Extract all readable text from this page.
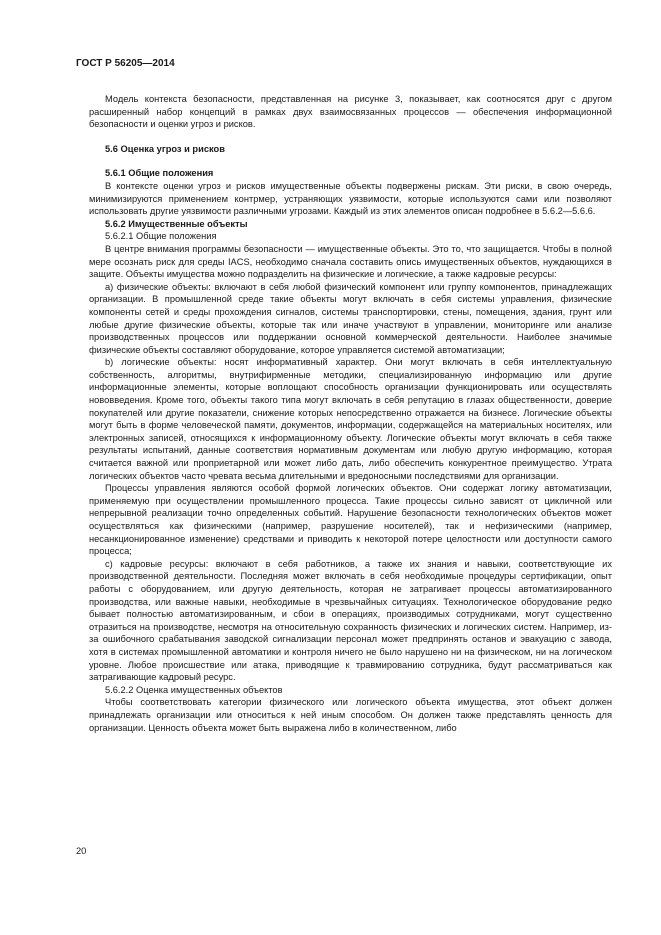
ГОСТ Р 56205—2014

Модель контекста безопасности, представленная на рисунке 3, показывает, как соотносятся друг с другом расширенный набор концепций в рамках двух взаимосвязанных процессов — обеспечения информационной безопасности и оценки угроз и рисков.

5.6 Оценка угроз и рисков

5.6.1 Общие положения

В контексте оценки угроз и рисков имущественные объекты подвержены рискам. Эти риски, в свою очередь, минимизируются применением контрмер, устраняющих уязвимости, которые используются сами или позволяют использовать другие уязвимости различными угрозами. Каждый из этих элементов описан подробнее в 5.6.2—5.6.6.

5.6.2 Имущественные объекты

5.6.2.1 Общие положения

В центре внимания программы безопасности — имущественные объекты. Это то, что защищается. Чтобы в полной мере осознать риск для среды IACS, необходимо сначала составить опись имущественных объектов, нуждающихся в защите. Объекты имущества можно подразделить на физические и логические, а также кадровые ресурсы:

a) физические объекты: включают в себя любой физический компонент или группу компонентов, принадлежащих организации. В промышленной среде такие объекты могут включать в себя системы управления, физические компоненты сетей и среды прохождения сигналов, системы транспортировки, стены, помещения, здания, грунт или любые другие физические объекты, которые так или иначе участвуют в управлении, мониторинге или анализе производственных процессов или поддержании основной коммерческой деятельности. Наиболее значимые физические объекты составляют оборудование, которое управляется системой автоматизации;

b) логические объекты: носят информативный характер. Они могут включать в себя интеллектуальную собственность, алгоритмы, внутрифирменные методики, специализированную информацию или другие информационные элементы, которые воплощают способность организации функционировать или осуществлять нововведения. Кроме того, объекты такого типа могут включать в себя репутацию в глазах общественности, доверие покупателей или другие показатели, снижение которых непосредственно отражается на бизнесе. Логические объекты могут быть в форме человеческой памяти, документов, информации, содержащейся на материальных носителях, или электронных записей, относящихся к информационному объекту. Логические объекты могут включать в себя также результаты испытаний, данные соответствия нормативным документам или любую другую информацию, которая считается важной или проприетарной или может либо дать, либо обеспечить конкурентное преимущество. Утрата логических объектов часто чревата весьма длительными и вредоносными последствиями для организации.

Процессы управления являются особой формой логических объектов. Они содержат логику автоматизации, применяемую при осуществлении промышленного процесса. Такие процессы сильно зависят от цикличной или непрерывной реализации точно определенных событий. Нарушение безопасности технологических объектов может осуществляться как физическими (например, разрушение носителей), так и нефизическими (например, несанкционированное изменение) средствами и приводить к некоторой потере целостности или доступности самого процесса;

c) кадровые ресурсы: включают в себя работников, а также их знания и навыки, соответствующие их производственной деятельности. Последняя может включать в себя необходимые процедуры сертификации, опыт работы с оборудованием, или другую деятельность, которая не затрагивает процессы автоматизированного производства, или важные навыки, необходимые в чрезвычайных ситуациях. Технологическое оборудование редко бывает полностью автоматизированным, и сбои в операциях, производимых сотрудниками, могут существенно отразиться на производстве, несмотря на относительную сохранность физических и логических систем. Например, из-за ошибочного срабатывания заводской сигнализации персонал может предпринять останов и эвакуацию с завода, хотя в системах промышленной автоматики и контроля ничего не было нарушено ни на физическом, ни на логическом уровне. Любое происшествие или атака, приводящие к травмированию сотрудника, будут рассматриваться как затрагивающие кадровый ресурс.

5.6.2.2 Оценка имущественных объектов

Чтобы соответствовать категории физического или логического объекта имущества, этот объект должен принадлежать организации или относиться к ней иным способом. Он должен также представлять ценность для организации. Ценность объекта может быть выражена либо в количественном, либо

20
